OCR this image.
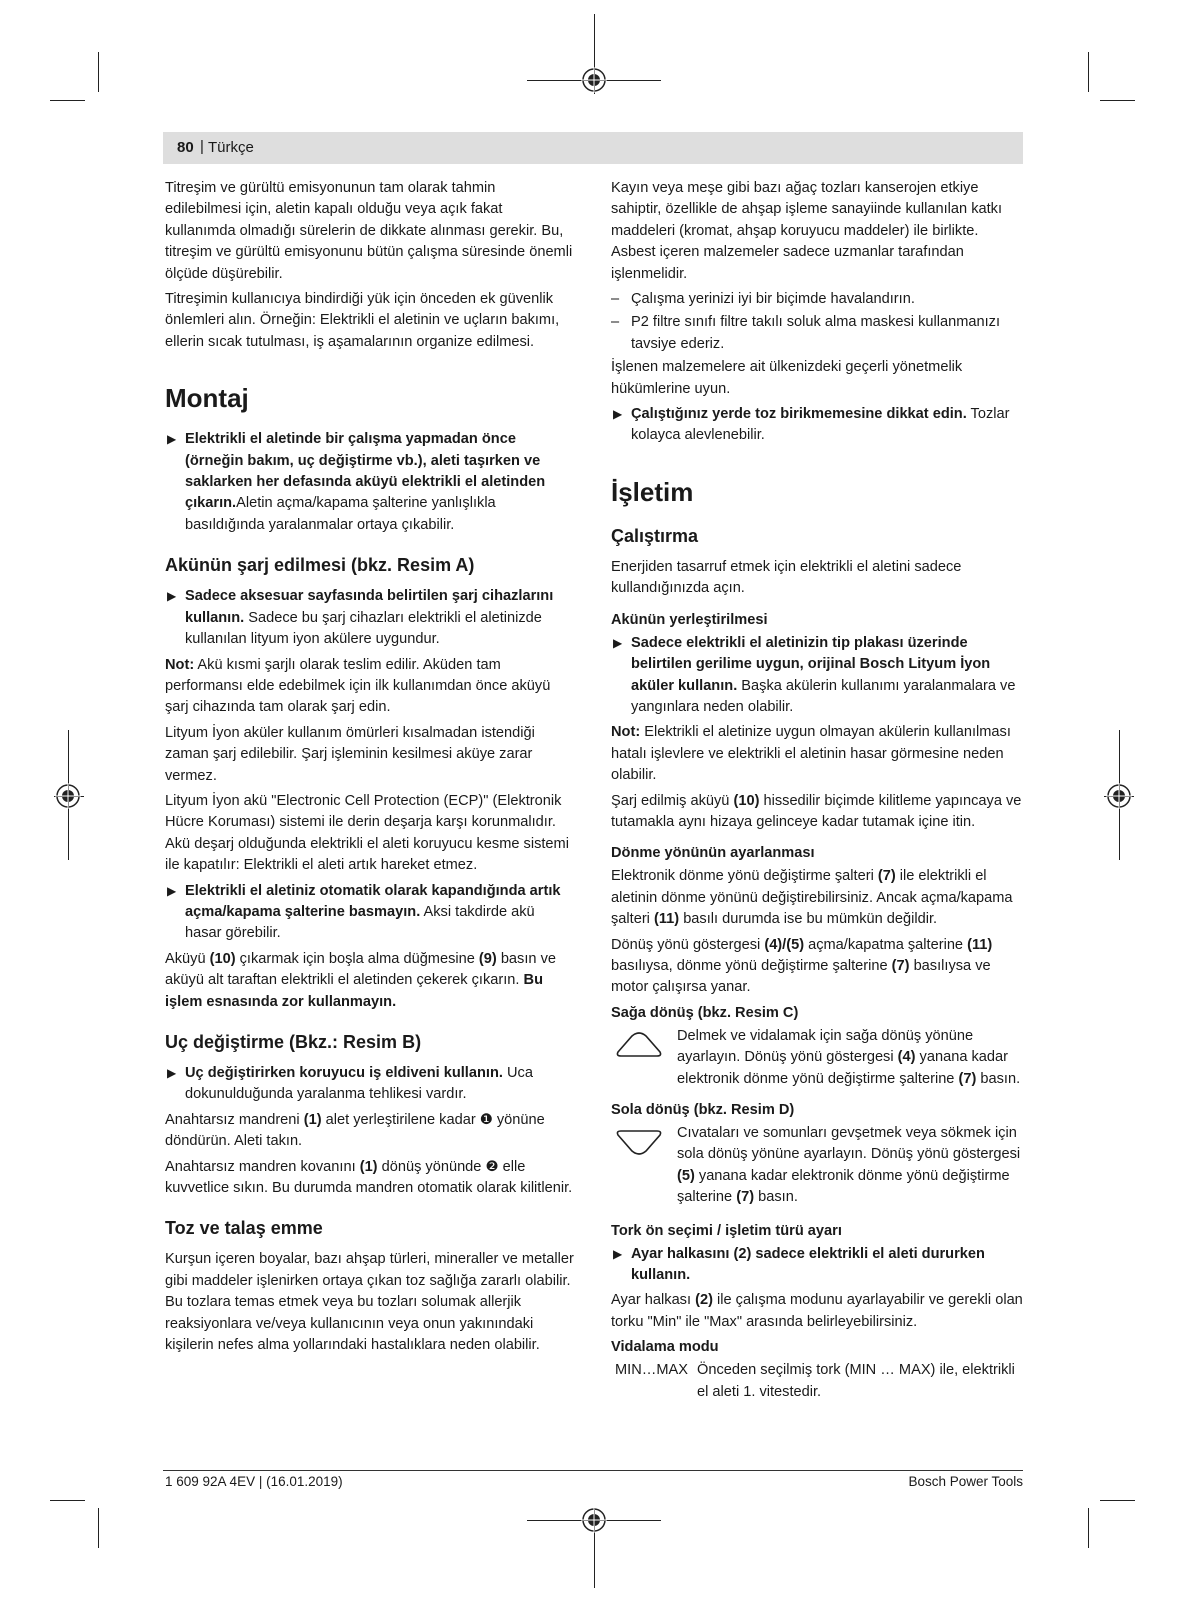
80 | Türkçe

Titreşim ve gürültü emisyonunun tam olarak tahmin edilebilmesi için, aletin kapalı olduğu veya açık fakat kullanımda olmadığı sürelerin de dikkate alınması gerekir. Bu, titreşim ve gürültü emisyonunu bütün çalışma süresinde önemli ölçüde düşürebilir.

Titreşimin kullanıcıya bindirdiği yük için önceden ek güvenlik önlemleri alın. Örneğin: Elektrikli el aletinin ve uçların bakımı, ellerin sıcak tutulması, iş aşamalarının organize edilmesi.

Montaj
▶ Elektrikli el aletinde bir çalışma yapmadan önce (örneğin bakım, uç değiştirme vb.), aleti taşırken ve saklarken her defasında aküyü elektrikli el aletinden çıkarın.Aletin açma/kapama şalterine yanlışlıkla basıldığında yaralanmalar ortaya çıkabilir.
Akünün şarj edilmesi (bkz. Resim A)
▶ Sadece aksesuar sayfasında belirtilen şarj cihazlarını kullanın. Sadece bu şarj cihazları elektrikli el aletinizde kullanılan lityum iyon akülere uygundur.

Not: Akü kısmi şarjlı olarak teslim edilir. Aküden tam performansı elde edebilmek için ilk kullanımdan önce aküyü şarj cihazında tam olarak şarj edin.

Lityum İyon aküler kullanım ömürleri kısalmadan istendiği zaman şarj edilebilir. Şarj işleminin kesilmesi aküye zarar vermez.

Lityum İyon akü "Electronic Cell Protection (ECP)" (Elektronik Hücre Koruması) sistemi ile derin deşarja karşı korunmalıdır. Akü deşarj olduğunda elektrikli el aleti koruyucu kesme sistemi ile kapatılır: Elektrikli el aleti artık hareket etmez.

▶ Elektrikli el aletiniz otomatik olarak kapandığında artık açma/kapama şalterine basmayın. Aksi takdirde akü hasar görebilir.

Aküyü (10) çıkarmak için boşla alma düğmesine (9) basın ve aküyü alt taraftan elektrikli el aletinden çekerek çıkarın. Bu işlem esnasında zor kullanmayın.

Uç değiştirme (Bkz.: Resim B)
▶ Uç değiştirirken koruyucu iş eldiveni kullanın. Uca dokunulduğunda yaralanma tehlikesi vardır.

Anahtarsız mandreni (1) alet yerleştirilene kadar ❶ yönüne döndürün. Aleti takın.

Anahtarsız mandren kovanını (1) dönüş yönünde ❷ elle kuvvetlice sıkın. Bu durumda mandren otomatik olarak kilitlenir.

Toz ve talaş emme

Kurşun içeren boyalar, bazı ahşap türleri, mineraller ve metaller gibi maddeler işlenirken ortaya çıkan toz sağlığa zararlı olabilir. Bu tozlara temas etmek veya bu tozları solumak allerjik reaksiyonlara ve/veya kullanıcının veya onun yakınındaki kişilerin nefes alma yollarındaki hastalıklara neden olabilir.

Kayın veya meşe gibi bazı ağaç tozları kanserojen etkiye sahiptir, özellikle de ahşap işleme sanayiinde kullanılan katkı maddeleri (kromat, ahşap koruyucu maddeler) ile birlikte. Asbest içeren malzemeler sadece uzmanlar tarafından işlenmelidir.

– Çalışma yerinizi iyi bir biçimde havalandırın.
– P2 filtre sınıfı filtre takılı soluk alma maskesi kullanmanızı tavsiye ederiz.

İşlenen malzemelere ait ülkenizdeki geçerli yönetmelik hükümlerine uyun.

▶ Çalıştığınız yerde toz birikmemesine dikkat edin. Tozlar kolayca alevlenebilir.
İşletim
Çalıştırma

Enerjiden tasarruf etmek için elektrikli el aletini sadece kullandığınızda açın.

Akünün yerleştirilmesi
▶ Sadece elektrikli el aletinizin tip plakası üzerinde belirtilen gerilime uygun, orijinal Bosch Lityum İyon aküler kullanın. Başka akülerin kullanımı yaralanmalara ve yangınlara neden olabilir.

Not: Elektrikli el aletinize uygun olmayan akülerin kullanılması hatalı işlevlere ve elektrikli el aletinin hasar görmesine neden olabilir.

Şarj edilmiş aküyü (10) hissedilir biçimde kilitleme yapıncaya ve tutamakla aynı hizaya gelinceye kadar tutamak içine itin.

Dönme yönünün ayarlanması

Elektronik dönme yönü değiştirme şalteri (7) ile elektrikli el aletinin dönme yönünü değiştirebilirsiniz. Ancak açma/kapama şalteri (11) basılı durumda ise bu mümkün değildir.

Dönüş yönü göstergesi (4)/(5) açma/kapatma şalterine (11) basılıysa, dönme yönü değiştirme şalterine (7) basılıysa ve motor çalışırsa yanar.

Sağa dönüş (bkz. Resim C)
Delmek ve vidalamak için sağa dönüş yönüne ayarlayın. Dönüş yönü göstergesi (4) yanana kadar elektronik dönme yönü değiştirme şalterine (7) basın.
Sola dönüş (bkz. Resim D)
Cıvataları ve somunları gevşetmek veya sökmek için sola dönüş yönüne ayarlayın. Dönüş yönü göstergesi (5) yanana kadar elektronik dönme yönü değiştirme şalterine (7) basın.
Tork ön seçimi / işletim türü ayarı
▶ Ayar halkasını (2) sadece elektrikli el aleti dururken kullanın.

Ayar halkası (2) ile çalışma modunu ayarlayabilir ve gerekli olan torku "Min" ile "Max" arasında belirleyebilirsiniz.

Vidalama modu
MIN…MAX Önceden seçilmiş tork (MIN … MAX) ile, elektrikli el aleti 1. vitestedir.
1 609 92A 4EV | (16.01.2019)	Bosch Power Tools
